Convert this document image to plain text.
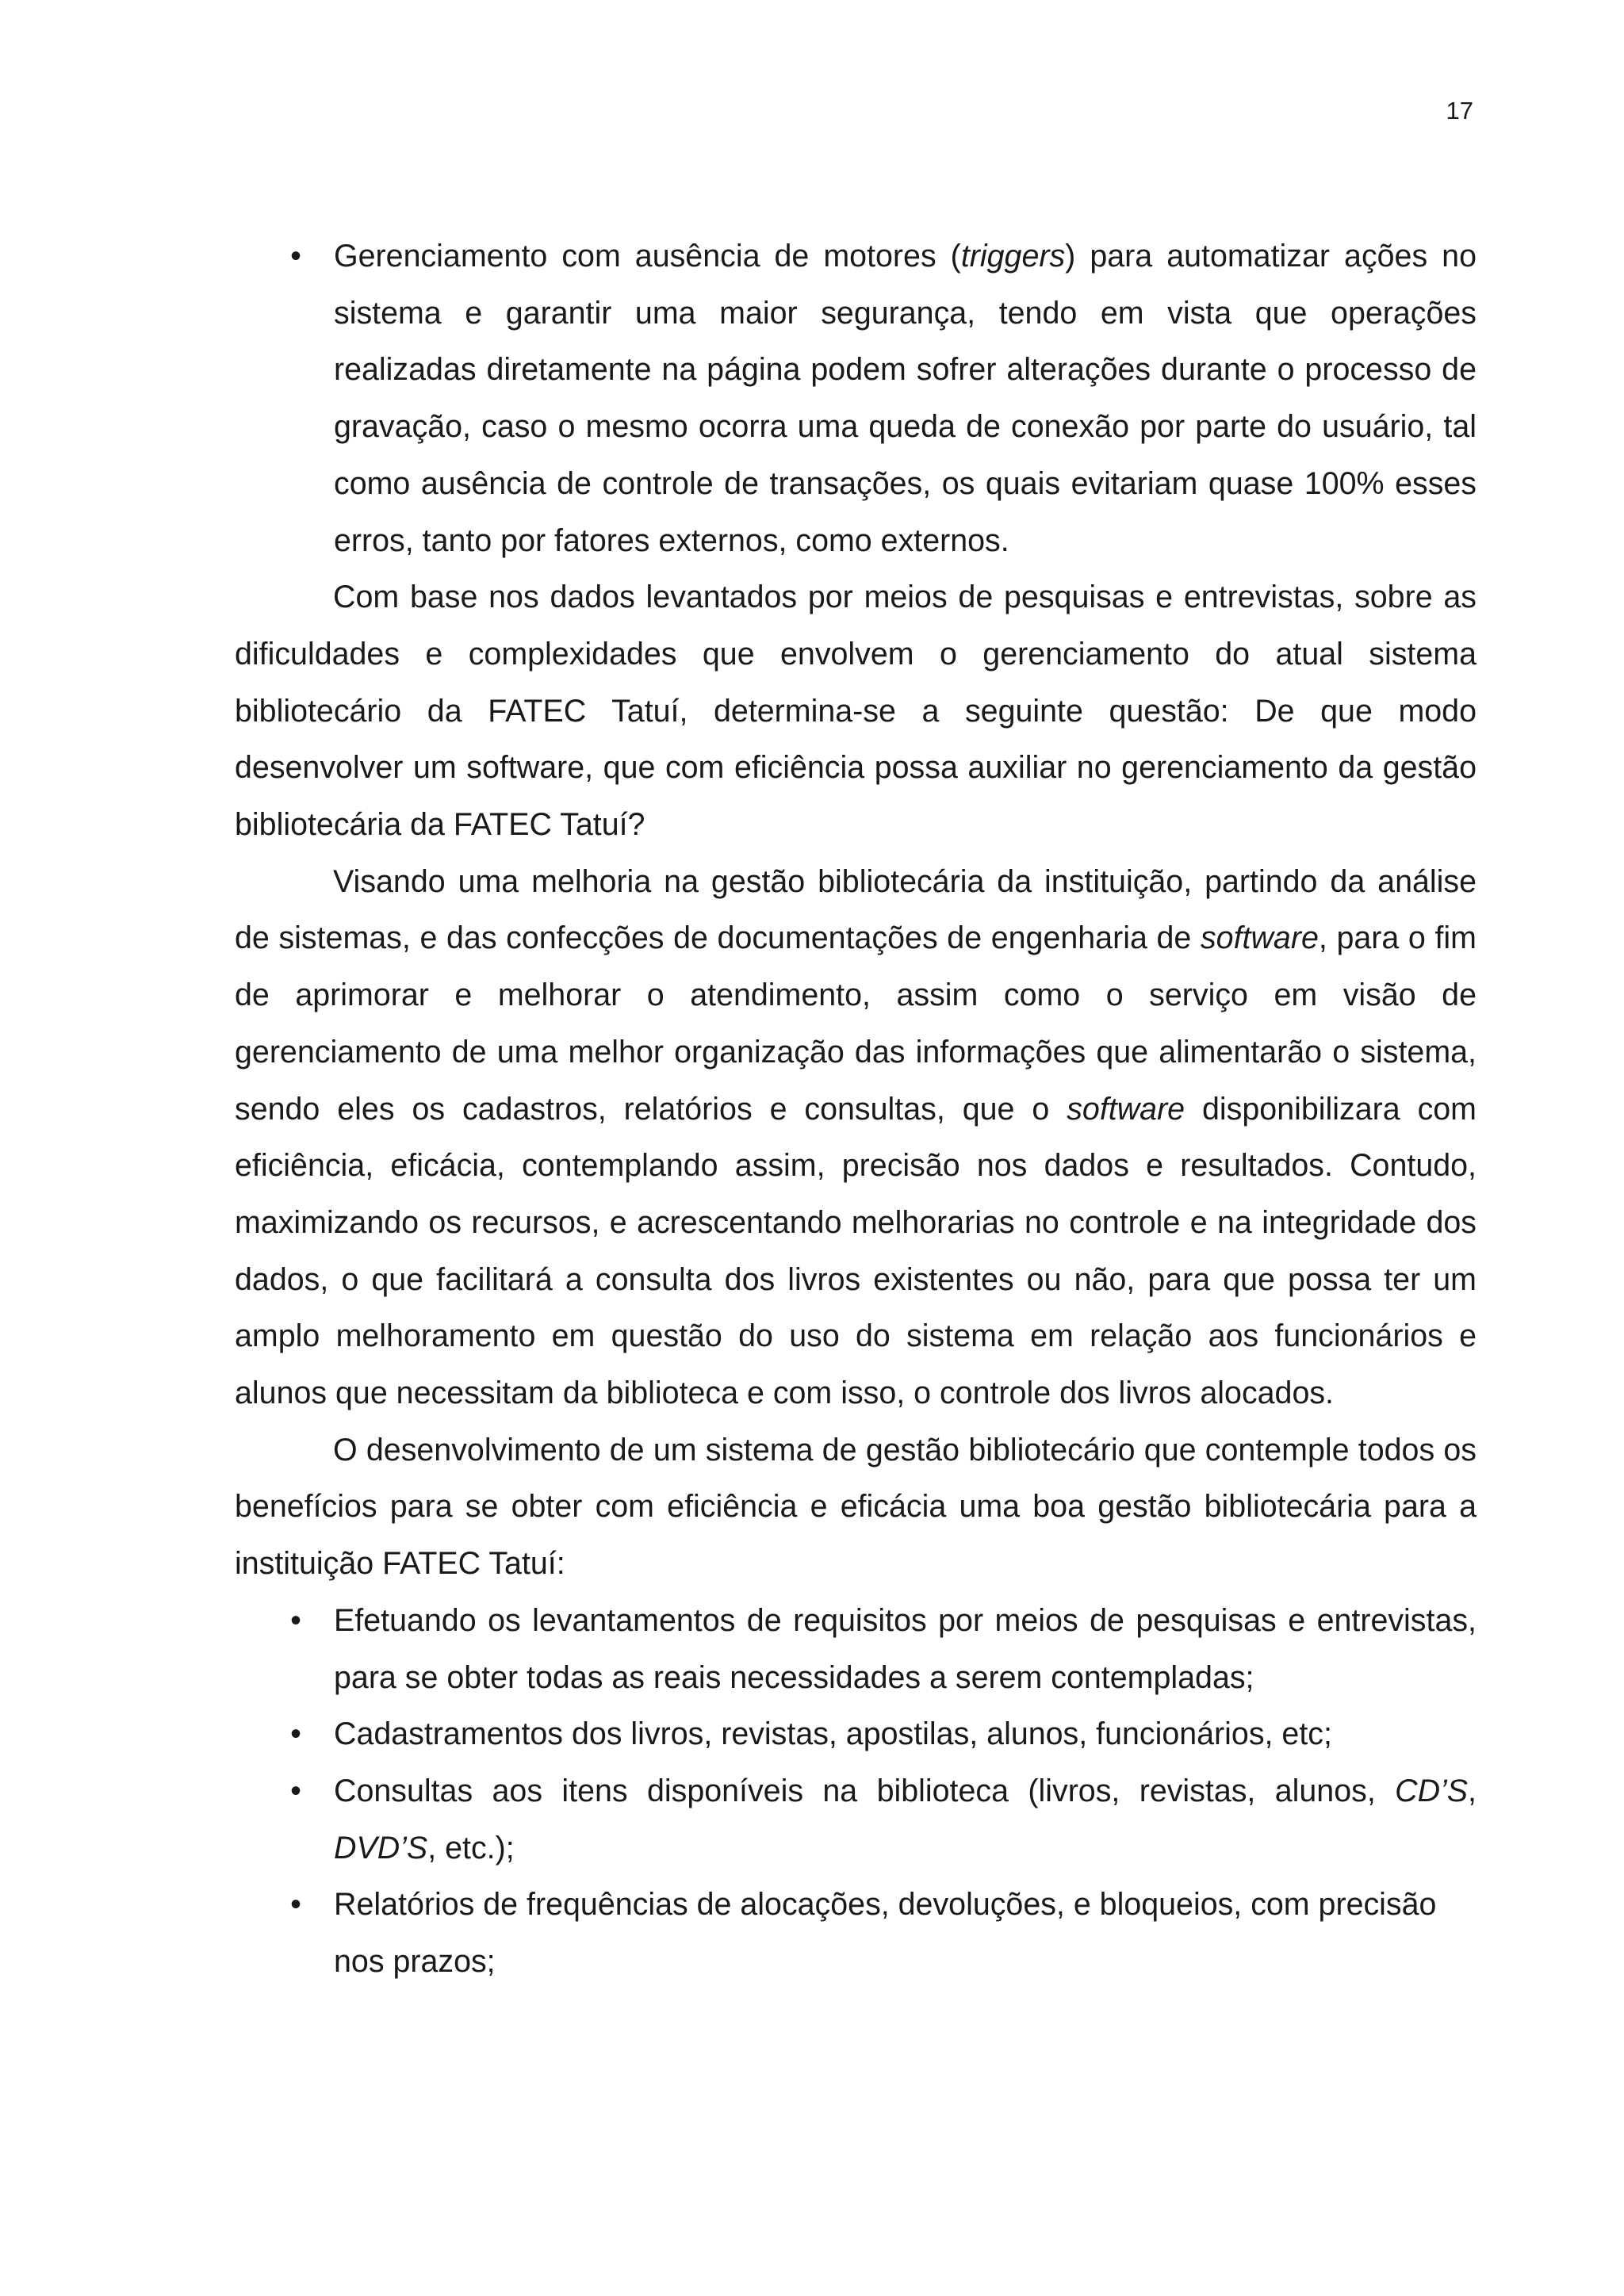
17
• Gerenciamento com ausência de motores (triggers) para automatizar ações no sistema e garantir uma maior segurança, tendo em vista que operações realizadas diretamente na página podem sofrer alterações durante o processo de gravação, caso o mesmo ocorra uma queda de conexão por parte do usuário, tal como ausência de controle de transações, os quais evitariam quase 100% esses erros, tanto por fatores externos, como externos.

Com base nos dados levantados por meios de pesquisas e entrevistas, sobre as dificuldades e complexidades que envolvem o gerenciamento do atual sistema bibliotecário da FATEC Tatuí, determina-se a seguinte questão: De que modo desenvolver um software, que com eficiência possa auxiliar no gerenciamento da gestão bibliotecária da FATEC Tatuí?

Visando uma melhoria na gestão bibliotecária da instituição, partindo da análise de sistemas, e das confecções de documentações de engenharia de software, para o fim de aprimorar e melhorar o atendimento, assim como o serviço em visão de gerenciamento de uma melhor organização das informações que alimentarão o sistema, sendo eles os cadastros, relatórios e consultas, que o software disponibilizara com eficiência, eficácia, contemplando assim, precisão nos dados e resultados. Contudo, maximizando os recursos, e acrescentando melhorarias no controle e na integridade dos dados, o que facilitará a consulta dos livros existentes ou não, para que possa ter um amplo melhoramento em questão do uso do sistema em relação aos funcionários e alunos que necessitam da biblioteca e com isso, o controle dos livros alocados.

O desenvolvimento de um sistema de gestão bibliotecário que contemple todos os benefícios para se obter com eficiência e eficácia uma boa gestão bibliotecária para a instituição FATEC Tatuí:

• Efetuando os levantamentos de requisitos por meios de pesquisas e entrevistas, para se obter todas as reais necessidades a serem contempladas;
• Cadastramentos dos livros, revistas, apostilas, alunos, funcionários, etc;
• Consultas aos itens disponíveis na biblioteca (livros, revistas, alunos, CD’S, DVD’S, etc.);
• Relatórios de frequências de alocações, devoluções, e bloqueios, com precisão nos prazos;
